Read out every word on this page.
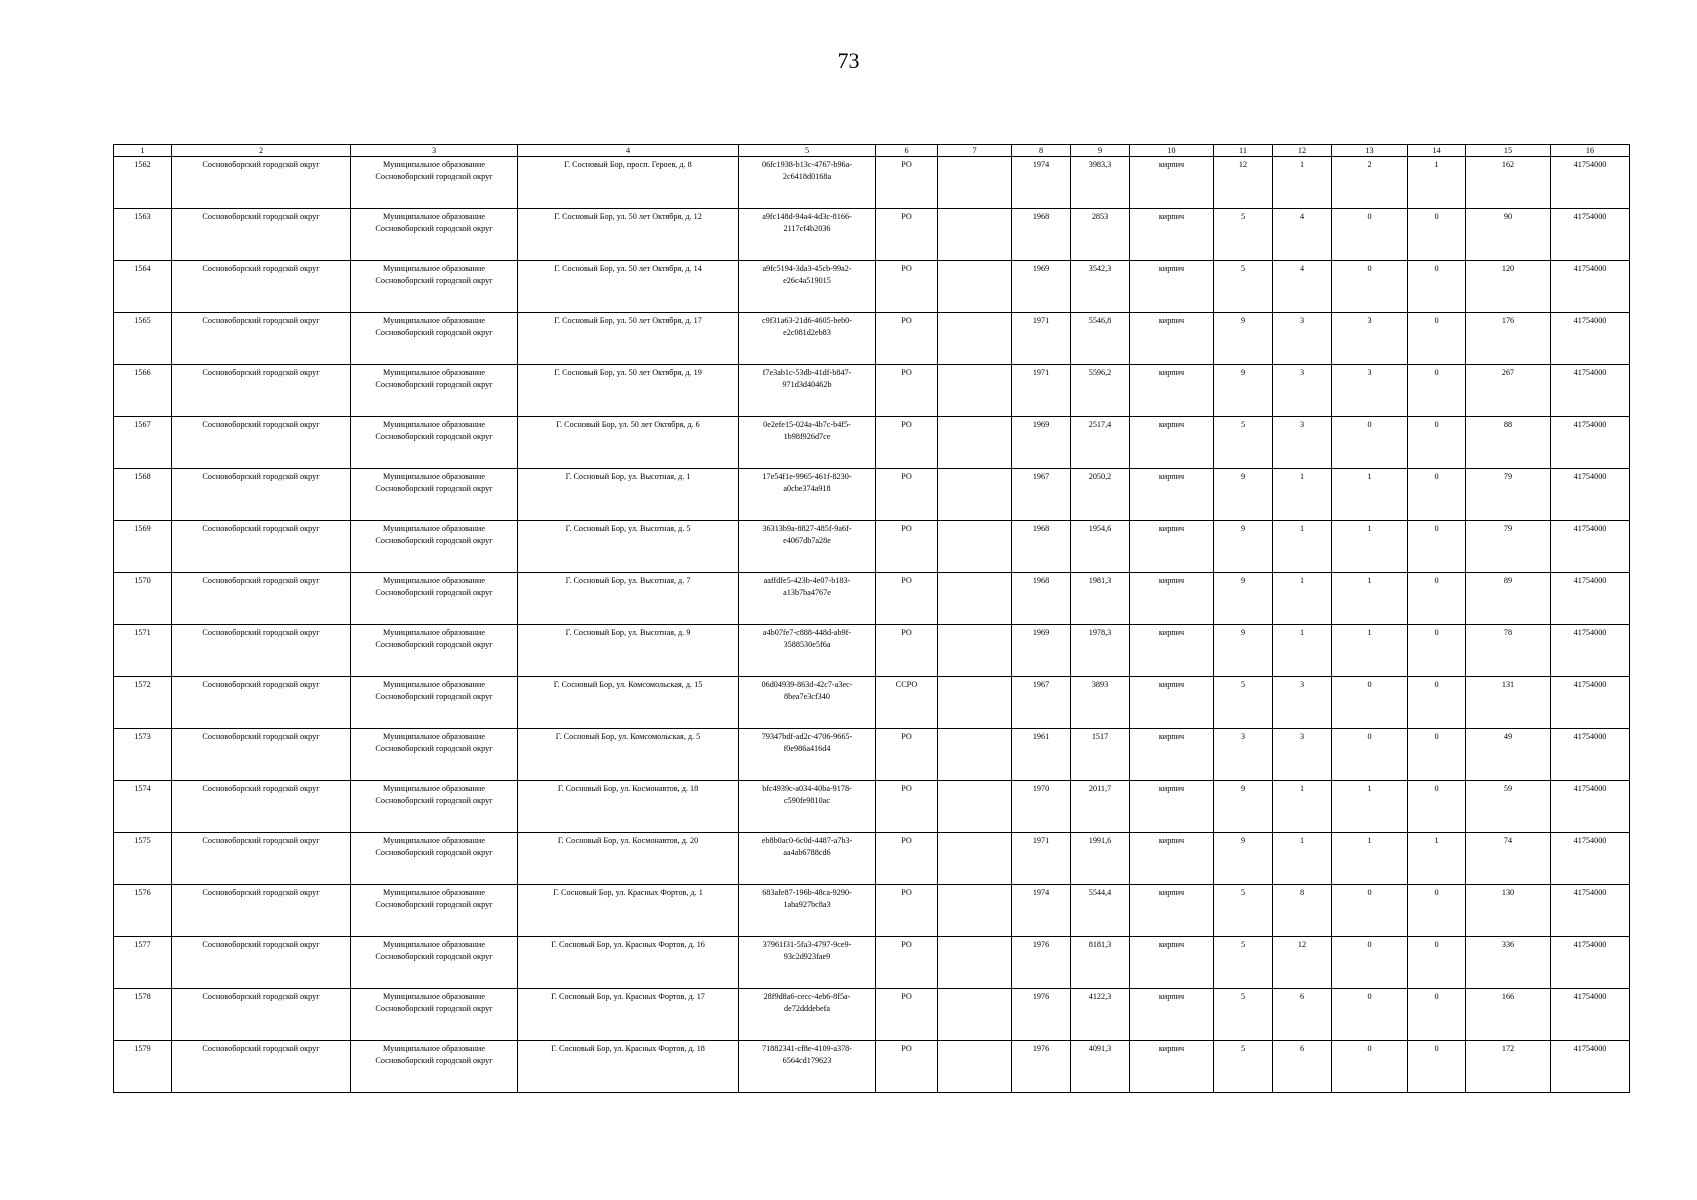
73
1	2	3	4	5	6	7	8	9	10	11	12	13	14	15	16
1562	Сосновоборский городской округ	Муниципальное образование
Сосновоборский городской округ	Г. Сосновый Бор, просп. Героев, д. 8	06fc1938-b13c-4767-b96a-
2c6418d0168a	РО		1974	3983,3	кирпич	12	1	2	1	162	41754000
1563	Сосновоборский городской округ	Муниципальное образование
Сосновоборский городской округ	Г. Сосновый Бор, ул. 50 лет Октября, д. 12	a9fc148d-94a4-4d3c-8166-
2117cf4b2036	РО		1968	2853	кирпич	5	4	0	0	90	41754000
1564	Сосновоборский городской округ	Муниципальное образование
Сосновоборский городской округ	Г. Сосновый Бор, ул. 50 лет Октября, д. 14	a9fc5194-3da3-45cb-99a2-
e26c4a519015	РО		1969	3542,3	кирпич	5	4	0	0	120	41754000
1565	Сосновоборский городской округ	Муниципальное образование
Сосновоборский городской округ	Г. Сосновый Бор, ул. 50 лет Октября, д. 17	c9f31a63-21d6-4605-beb0-
e2c081d2eb83	РО		1971	5546,8	кирпич	9	3	3	0	176	41754000
1566	Сосновоборский городской округ	Муниципальное образование
Сосновоборский городской округ	Г. Сосновый Бор, ул. 50 лет Октября, д. 19	f7e3ab1c-53db-41df-b847-
971d3d40462b	РО		1971	5596,2	кирпич	9	3	3	0	267	41754000
1567	Сосновоборский городской округ	Муниципальное образование
Сосновоборский городской округ	Г. Сосновый Бор, ул. 50 лет Октября, д. 6	0e2efe15-024a-4b7c-b4f5-
1b98f926d7ce	РО		1969	2517,4	кирпич	5	3	0	0	88	41754000
1568	Сосновоборский городской округ	Муниципальное образование
Сосновоборский городской округ	Г. Сосновый Бор, ул. Высотная, д. 1	17e54f1e-9965-461f-8230-
a0cbe374a918	РО		1967	2050,2	кирпич	9	1	1	0	79	41754000
1569	Сосновоборский городской округ	Муниципальное образование
Сосновоборский городской округ	Г. Сосновый Бор, ул. Высотная, д. 5	36313b9a-8827-485f-9a6f-
e4067db7a28e	РО		1968	1954,6	кирпич	9	1	1	0	79	41754000
1570	Сосновоборский городской округ	Муниципальное образование
Сосновоборский городской округ	Г. Сосновый Бор, ул. Высотная, д. 7	aaffdfe5-423b-4e07-b183-
a13b7ba4767e	РО		1968	1981,3	кирпич	9	1	1	0	89	41754000
1571	Сосновоборский городской округ	Муниципальное образование
Сосновоборский городской округ	Г. Сосновый Бор, ул. Высотная, д. 9	a4b07fe7-c888-448d-ab9f-
3588530e5f6a	РО		1969	1978,3	кирпич	9	1	1	0	78	41754000
1572	Сосновоборский городской округ	Муниципальное образование
Сосновоборский городской округ	Г. Сосновый Бор, ул. Комсомольская, д. 15	06d04939-863d-42c7-a3ec-
8bea7e3cf340	ССРО		1967	3893	кирпич	5	3	0	0	131	41754000
1573	Сосновоборский городской округ	Муниципальное образование
Сосновоборский городской округ	Г. Сосновый Бор, ул. Комсомольская, д. 5	79347bdf-ad2c-4706-9665-
f0e986a416d4	РО		1961	1517	кирпич	3	3	0	0	49	41754000
1574	Сосновоборский городской округ	Муниципальное образование
Сосновоборский городской округ	Г. Сосновый Бор, ул. Космонавтов, д. 18	bfc4939c-a034-40ba-9178-
c590fe9810ac	РО		1970	2011,7	кирпич	9	1	1	0	59	41754000
1575	Сосновоборский городской округ	Муниципальное образование
Сосновоборский городской округ	Г. Сосновый Бор, ул. Космонавтов, д. 20	eb8b0ac0-6c0d-4487-a7b3-
aa4ab6788cd6	РО		1971	1991,6	кирпич	9	1	1	1	74	41754000
1576	Сосновоборский городской округ	Муниципальное образование
Сосновоборский городской округ	Г. Сосновый Бор, ул. Красных Фортов, д. 1	683afe87-196b-48ca-9290-
1aba927bc8a3	РО		1974	5544,4	кирпич	5	8	0	0	130	41754000
1577	Сосновоборский городской округ	Муниципальное образование
Сосновоборский городской округ	Г. Сосновый Бор, ул. Красных Фортов, д. 16	37961f31-5fa3-4797-9ce9-
93c2d923fae9	РО		1976	8181,3	кирпич	5	12	0	0	336	41754000
1578	Сосновоборский городской округ	Муниципальное образование
Сосновоборский городской округ	Г. Сосновый Бор, ул. Красных Фортов, д. 17	28f9d8a6-cecc-4eb6-8f5a-
de72dddebefa	РО		1976	4122,3	кирпич	5	6	0	0	166	41754000
1579	Сосновоборский городской округ	Муниципальное образование
Сосновоборский городской округ	Г. Сосновый Бор, ул. Красных Фортов, д. 18	71882341-cf8e-4109-a378-
6564cd179623	РО		1976	4091,3	кирпич	5	6	0	0	172	41754000
